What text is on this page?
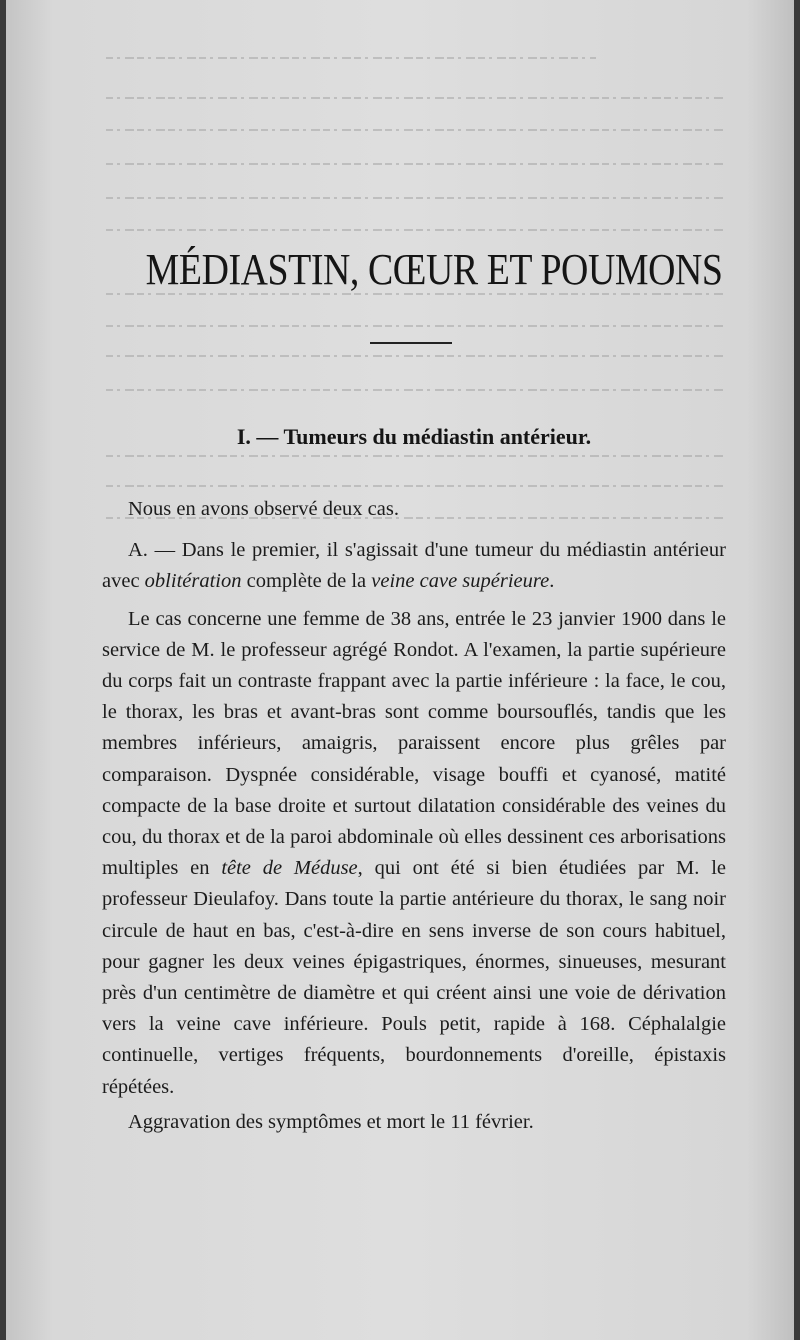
MÉDIASTIN, CŒUR ET POUMONS
I. — Tumeurs du médiastin antérieur.

Nous en avons observé deux cas.

A. — Dans le premier, il s'agissait d'une tumeur du médiastin antérieur avec oblitération complète de la veine cave supérieure.

Le cas concerne une femme de 38 ans, entrée le 23 janvier 1900 dans le service de M. le professeur agrégé Rondot. A l'examen, la partie supérieure du corps fait un contraste frappant avec la partie inférieure : la face, le cou, le thorax, les bras et avant-bras sont comme boursouflés, tandis que les membres inférieurs, amaigris, paraissent encore plus grêles par comparaison. Dyspnée considérable, visage bouffi et cyanosé, matité compacte de la base droite et surtout dilatation considérable des veines du cou, du thorax et de la paroi abdominale où elles dessinent ces arborisations multiples en tête de Méduse, qui ont été si bien étudiées par M. le professeur Dieulafoy. Dans toute la partie antérieure du thorax, le sang noir circule de haut en bas, c'est-à-dire en sens inverse de son cours habituel, pour gagner les deux veines épigastriques, énormes, sinueuses, mesurant près d'un centimètre de diamètre et qui créent ainsi une voie de dérivation vers la veine cave inférieure. Pouls petit, rapide à 168. Céphalalgie continuelle, vertiges fréquents, bourdonnements d'oreille, épistaxis répétées.

Aggravation des symptômes et mort le 11 février.
